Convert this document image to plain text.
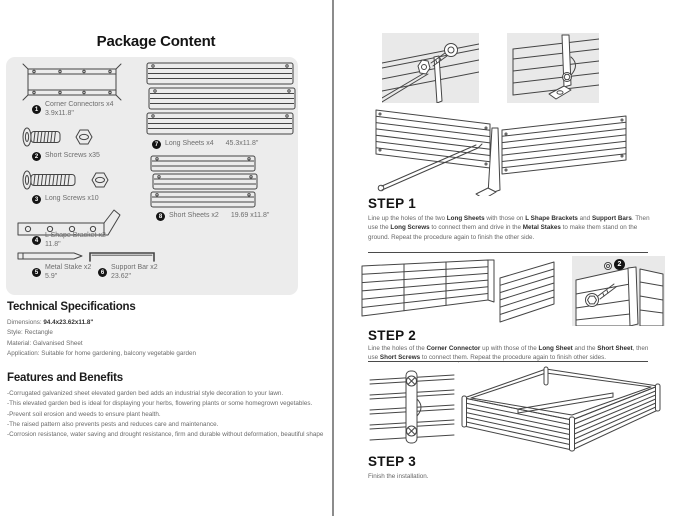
Package Content
1
Corner Connectors x4
3.9x11.8"
2 Short Screws x35
3 Long Screws x10
4
L Shape Bracket x2
11.8"
5
Metal Stake x2
5.9"	6
Support Bar x2
23.62"
7 Long Sheets x4 45.3x11.8"
8 Short Sheets x2 19.69 x11.8"
Technical Specifications
Dimensions: 94.4x23.62x11.8"
Style: Rectangle
Material: Galvanised Sheet
Application: Suitable for home gardening, balcony vegetable garden
Features and Benefits
-Corrugated galvanized sheet elevated garden bed adds an industrial style decoration to your lawn.
-This elevated garden bed is ideal for displaying your herbs, flowering plants or some homegrown vegetables.
-Prevent soil erosion and weeds to ensure plant health.
-The raised pattern also prevents pests and reduces care and maintenance.
-Corrosion resistance, water saving and drought resistance, firm and durable without deformation, beautiful shape
STEP 1
Line up the holes of the two Long Sheets with those on L Shape Brackets and Support Bars. Then use the Long Screws to connect them and drive in the Metal Stakes to make them stand on the ground. Repeat the procedure again to finish the other side.
2
STEP 2
Line the holes of the Corner Connector up with those of the Long Sheet and the Short Sheet, then use Short Screws to connect them. Repeat the procedure again to finish other sides.
STEP 3
Finish the installation.
